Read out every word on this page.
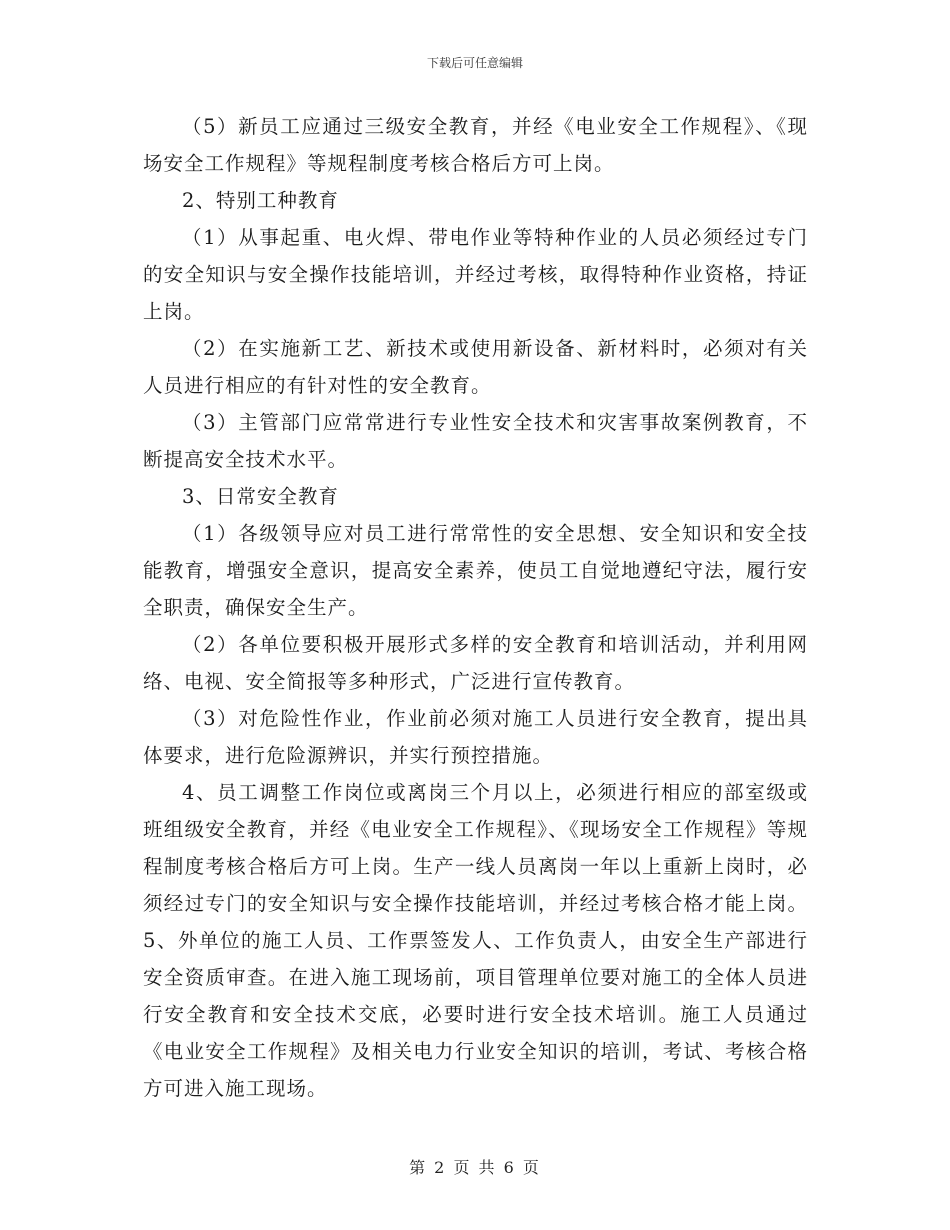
下载后可任意编辑

（5）新员工应通过三级安全教育，并经《电业安全工作规程》、《现场安全工作规程》等规程制度考核合格后方可上岗。

2、特别工种教育

（1）从事起重、电火焊、带电作业等特种作业的人员必须经过专门的安全知识与安全操作技能培训，并经过考核，取得特种作业资格，持证上岗。

（2）在实施新工艺、新技术或使用新设备、新材料时，必须对有关人员进行相应的有针对性的安全教育。

（3）主管部门应常常进行专业性安全技术和灾害事故案例教育，不断提高安全技术水平。

3、日常安全教育

（1）各级领导应对员工进行常常性的安全思想、安全知识和安全技能教育，增强安全意识，提高安全素养，使员工自觉地遵纪守法，履行安全职责，确保安全生产。

（2）各单位要积极开展形式多样的安全教育和培训活动，并利用网络、电视、安全简报等多种形式，广泛进行宣传教育。

（3）对危险性作业，作业前必须对施工人员进行安全教育，提出具体要求，进行危险源辨识，并实行预控措施。

4、员工调整工作岗位或离岗三个月以上，必须进行相应的部室级或班组级安全教育，并经《电业安全工作规程》、《现场安全工作规程》等规程制度考核合格后方可上岗。生产一线人员离岗一年以上重新上岗时，必须经过专门的安全知识与安全操作技能培训，并经过考核合格才能上岗。5、外单位的施工人员、工作票签发人、工作负责人，由安全生产部进行安全资质审查。在进入施工现场前，项目管理单位要对施工的全体人员进行安全教育和安全技术交底，必要时进行安全技术培训。施工人员通过《电业安全工作规程》及相关电力行业安全知识的培训，考试、考核合格方可进入施工现场。

第 2 页 共 6 页
